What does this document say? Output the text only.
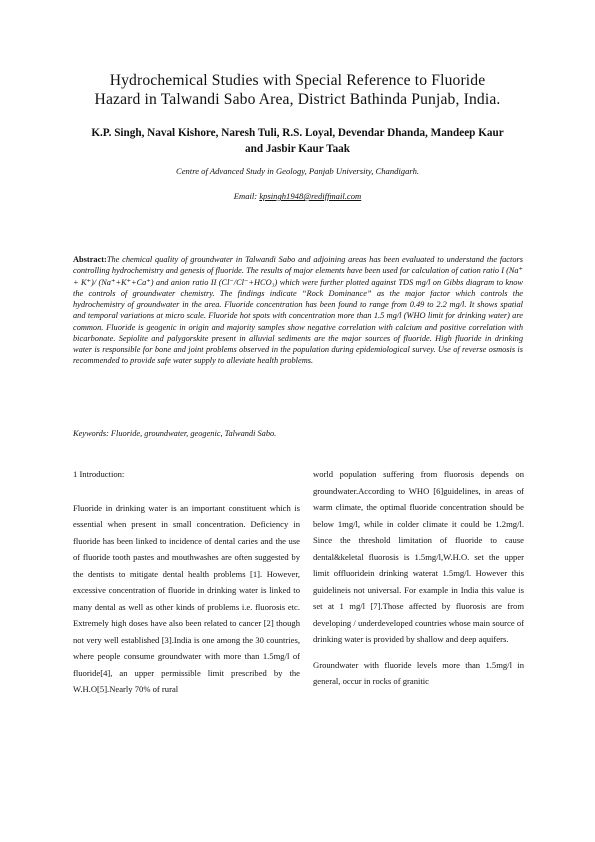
Hydrochemical Studies with Special Reference to Fluoride
Hazard in Talwandi Sabo Area, District Bathinda Punjab, India.
K.P. Singh, Naval Kishore, Naresh Tuli, R.S. Loyal, Devendar Dhanda, Mandeep Kaur
and Jasbir Kaur Taak
Centre of Advanced Study in Geology, Panjab University, Chandigarh.
Email: kpsingh1948@rediffmail.com
Abstract:The chemical quality of groundwater in Talwandi Sabo and adjoining areas has been evaluated to understand the factors controlling hydrochemistry and genesis of fluoride. The results of major elements have been used for calculation of cation ratio I (Na⁺ + K⁺)/ (Na⁺+K⁺+Ca⁺) and anion ratio II (Cl⁻/Cl⁻+HCO₃) which were further plotted against TDS mg/l on Gibbs diagram to know the controls of groundwater chemistry. The findings indicate “Rock Dominance” as the major factor which controls the hydrochemistry of groundwater in the area. Fluoride concentration has been found to range from 0.49 to 2.2 mg/l. It shows spatial and temporal variations at micro scale. Fluoride hot spots with concentration more than 1.5 mg/l (WHO limit for drinking water) are common. Fluoride is geogenic in origin and majority samples show negative correlation with calcium and positive correlation with bicarbonate. Sepiolite and palygorskite present in alluvial sediments are the major sources of fluoride. High fluoride in drinking water is responsible for bone and joint problems observed in the population during epidemiological survey. Use of reverse osmosis is recommended to provide safe water supply to alleviate health problems.
Keywords: Fluoride, groundwater, geogenic, Talwandi Sabo.
1 Introduction:

Fluoride in drinking water is an important constituent which is essential when present in small concentration. Deficiency in fluoride has been linked to incidence of dental caries and the use of fluoride tooth pastes and mouthwashes are often suggested by the dentists to mitigate dental health problems [1]. However, excessive concentration of fluoride in drinking water is linked to many dental as well as other kinds of problems i.e. fluorosis etc. Extremely high doses have also been related to cancer [2] though not very well established [3].India is one among the 30 countries, where people consume groundwater with more than 1.5mg/l of fluoride[4], an upper permissible limit prescribed by the W.H.O[5].Nearly 70% of rural

world population suffering from fluorosis depends on groundwater.According to WHO [6]guidelines, in areas of warm climate, the optimal fluoride concentration should be below 1mg/l, while in colder climate it could be 1.2mg/l. Since the threshold limitation of fluoride to cause dental&keletal fluorosis is 1.5mg/l,W.H.O. set the upper limit offluoridein drinking waterat 1.5mg/l. However this guidelineis not universal. For example in India this value is set at 1 mg/l [7].Those affected by fluorosis are from developing / underdeveloped countries whose main source of drinking water is provided by shallow and deep aquifers.

Groundwater with fluoride levels more than 1.5mg/l in general, occur in rocks of granitic
